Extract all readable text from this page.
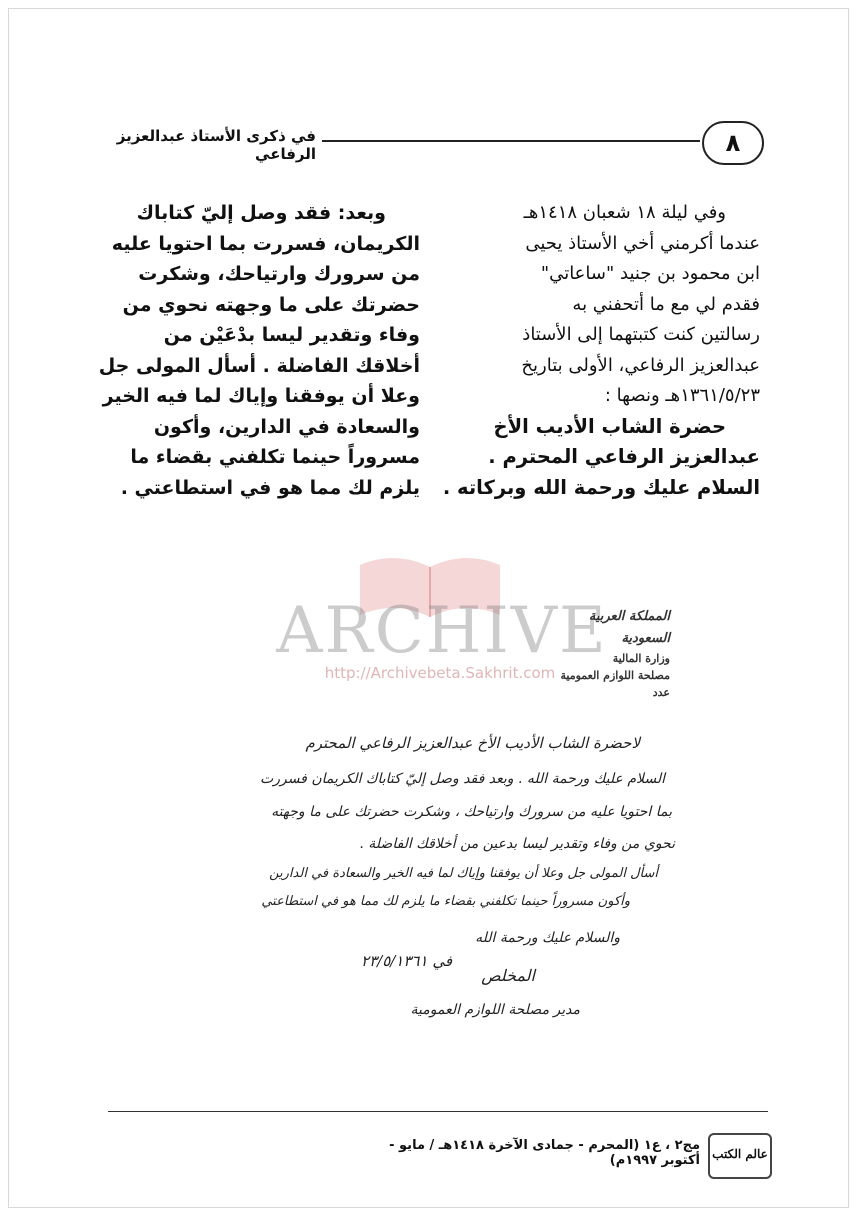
٨
في ذكرى الأستاذ عبدالعزيز الرفاعي

وفي ليلة ١٨ شعبان ١٤١٨هـ

عندما أكرمني أخي الأستاذ يحيى

ابن محمود بن جنيد "ساعاتي"

فقدم لي مع ما أتحفني به

رسالتين كنت كتبتهما إلى الأستاذ

عبدالعزيز الرفاعي، الأولى بتاريخ

١٣٦١/٥/٢٣هـ ونصها :

حضرة الشاب الأديب الأخ

عبدالعزيز الرفاعي المحترم .

السلام عليك ورحمة الله وبركاته .

وبعد: فقد وصل إليّ كتاباك

الكريمان، فسررت بما احتويا عليه

من سرورك وارتياحك، وشكرت

حضرتك على ما وجهته نحوي من

وفاء وتقدير ليسا بدْعَيْن من

أخلاقك الفاضلة . أسأل المولى جل

وعلا أن يوفقنا وإياك لما فيه الخير

والسعادة في الدارين، وأكون

مسروراً حينما تكلفني بقضاء ما

يلزم لك مما هو في استطاعتي .

ARCHIVE
http://Archivebeta.Sakhrit.com
المملكة العربية السعودية
وزارة المالية
مصلحة اللوازم العمومية
عدد
لاحضرة الشاب الأديب الأخ عبدالعزيز الرفاعي المحترم
السلام عليك ورحمة الله . وبعد فقد وصل إليّ كتاباك الكريمان فسررت
بما احتويا عليه من سرورك وارتياحك ، وشكرت حضرتك على ما وجهته
نحوي من وفاء وتقدير ليسا بدعين من أخلاقك الفاضلة .
أسأل المولى جل وعلا أن يوفقنا وإياك لما فيه الخير والسعادة في الدارين
وأكون مسروراً حينما تكلفني بقضاء ما يلزم لك مما هو في استطاعتي
والسلام عليك ورحمة الله
في ٢٣/٥/١٣٦١
المخلص
مدير مصلحة اللوازم العمومية
مج٢ ، ع١ (المحرم - جمادى الآخرة ١٤١٨هـ / مايو - أكتوبر ١٩٩٧م)	عالم الكتب
